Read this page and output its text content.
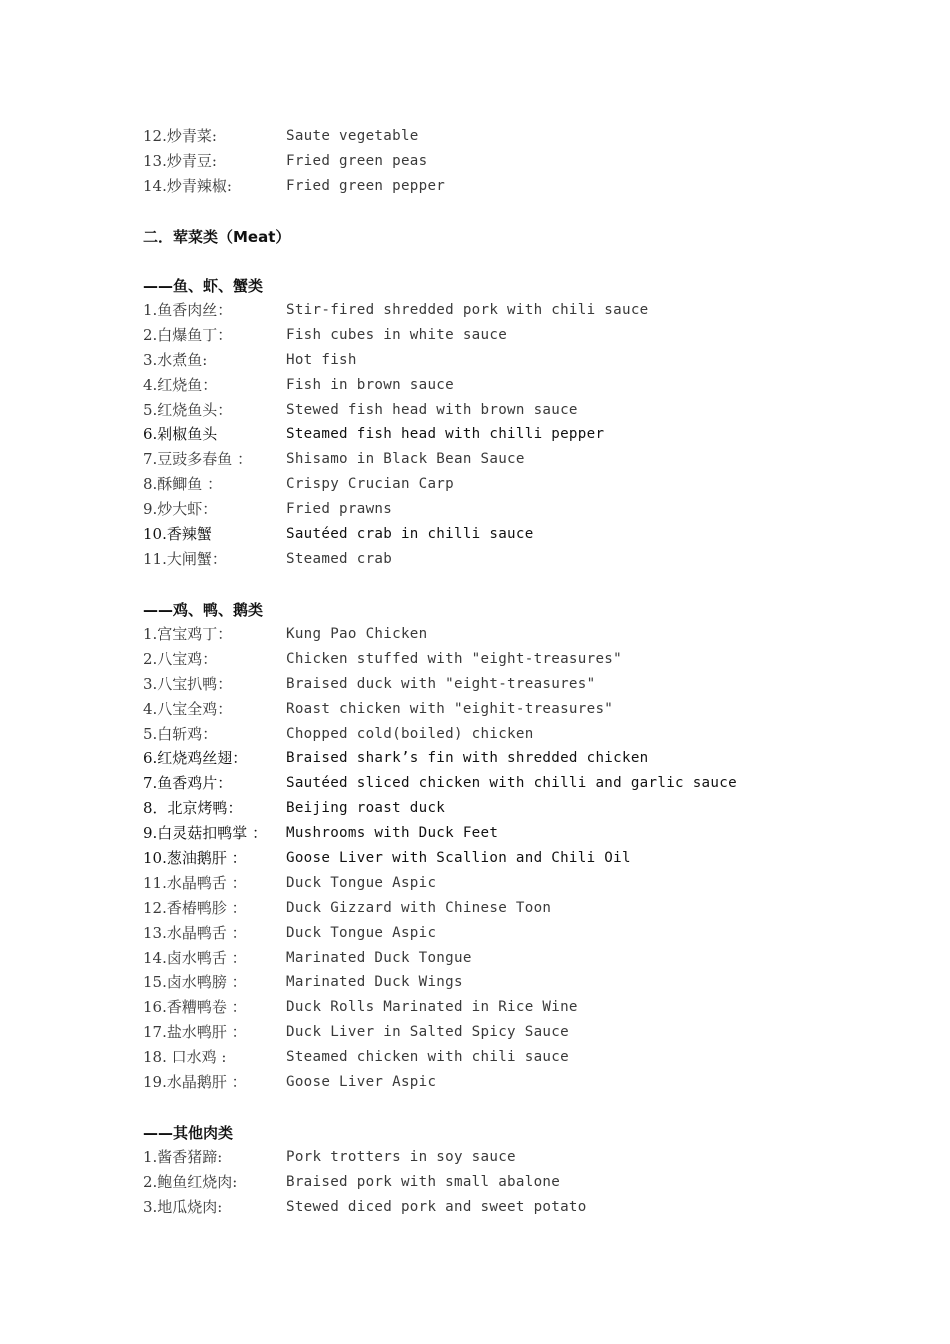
12.炒青菜:	Saute vegetable
13.炒青豆:	Fried green peas
14.炒青辣椒:	Fried green pepper
二．荤菜类（Meat）
——鱼、虾、蟹类
1.鱼香肉丝：	Stir-fired shredded pork with chili sauce
2.白爆鱼丁：	Fish cubes in white sauce
3.水煮鱼:	Hot fish
4.红烧鱼：	Fish in brown sauce
5.红烧鱼头：	Stewed fish head with brown sauce
6.剁椒鱼头	Steamed fish head with chilli pepper
7.豆豉多春鱼 ： Shisamo in Black Bean Sauce
8.酥鲫鱼 ：	Crispy Crucian Carp
9.炒大虾：	Fried prawns
10.香辣蟹	Sautéed crab in chilli sauce
11.大闸蟹：	Steamed crab
——鸡、鸭、鹅类
1.宫宝鸡丁：	Kung Pao Chicken
2.八宝鸡：	Chicken stuffed with "eight-treasures"
3.八宝扒鸭：	Braised duck with "eight-treasures"
4.八宝全鸡：	Roast chicken with "eighit-treasures"
5.白斩鸡：	Chopped cold(boiled) chicken
6.红烧鸡丝翅：	Braised shark’s fin with shredded chicken
7.鱼香鸡片：	Sautéed sliced chicken with chilli and garlic sauce
8．北京烤鸭：	Beijing roast duck
9.白灵菇扣鸭掌 ： Mushrooms with Duck Feet
10.葱油鹅肝 ：	Goose Liver with Scallion and Chili Oil
11.水晶鸭舌 ：	Duck Tongue Aspic
12.香椿鸭胗 ：	Duck Gizzard with Chinese Toon
13.水晶鸭舌 ：	Duck Tongue Aspic
14.卤水鸭舌 ：	Marinated Duck Tongue
15.卤水鸭膀 ：	Marinated Duck Wings
16.香糟鸭卷 ：	Duck Rolls Marinated in Rice Wine
17.盐水鸭肝 ：	Duck Liver in Salted Spicy Sauce
18. 口水鸡 :	Steamed chicken with chili sauce
19.水晶鹅肝 ：	Goose Liver Aspic
——其他肉类
1.酱香猪蹄:	Pork trotters in soy sauce
2.鲍鱼红烧肉:	Braised pork with small abalone
3.地瓜烧肉:	Stewed diced pork and sweet potato
